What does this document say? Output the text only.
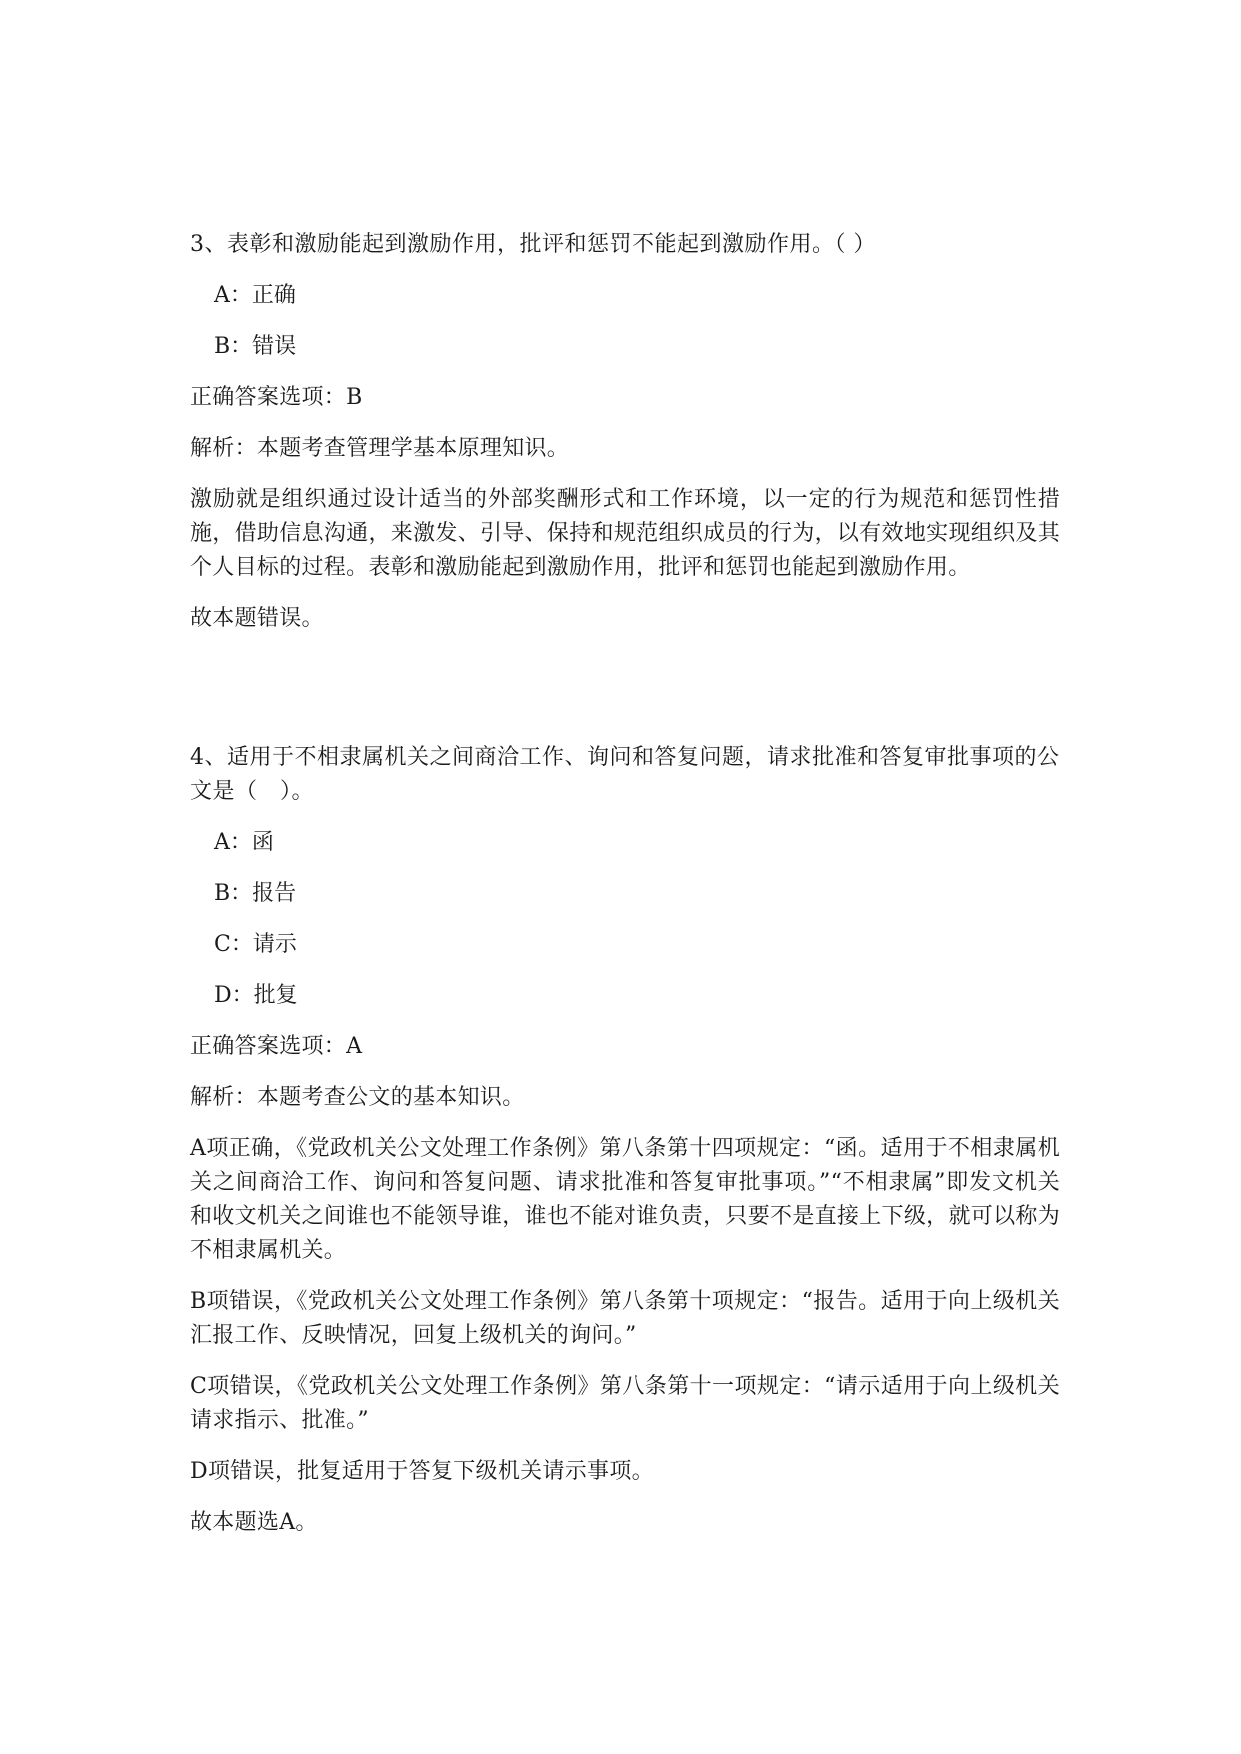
3、表彰和激励能起到激励作用，批评和惩罚不能起到激励作用。（ ）

A：正确

B：错误

正确答案选项：B

解析：本题考查管理学基本原理知识。

激励就是组织通过设计适当的外部奖酬形式和工作环境，以一定的行为规范和惩罚性措施，借助信息沟通，来激发、引导、保持和规范组织成员的行为，以有效地实现组织及其个人目标的过程。表彰和激励能起到激励作用，批评和惩罚也能起到激励作用。

故本题错误。

4、适用于不相隶属机关之间商洽工作、询问和答复问题，请求批准和答复审批事项的公文是（　）。

A：函

B：报告

C：请示

D：批复

正确答案选项：A

解析：本题考查公文的基本知识。

A项正确，《党政机关公文处理工作条例》第八条第十四项规定：“函。适用于不相隶属机关之间商洽工作、询问和答复问题、请求批准和答复审批事项。”“不相隶属”即发文机关和收文机关之间谁也不能领导谁，谁也不能对谁负责，只要不是直接上下级，就可以称为不相隶属机关。

B项错误，《党政机关公文处理工作条例》第八条第十项规定：“报告。适用于向上级机关汇报工作、反映情况，回复上级机关的询问。”

C项错误，《党政机关公文处理工作条例》第八条第十一项规定：“请示适用于向上级机关请求指示、批准。”

D项错误，批复适用于答复下级机关请示事项。

故本题选A。
